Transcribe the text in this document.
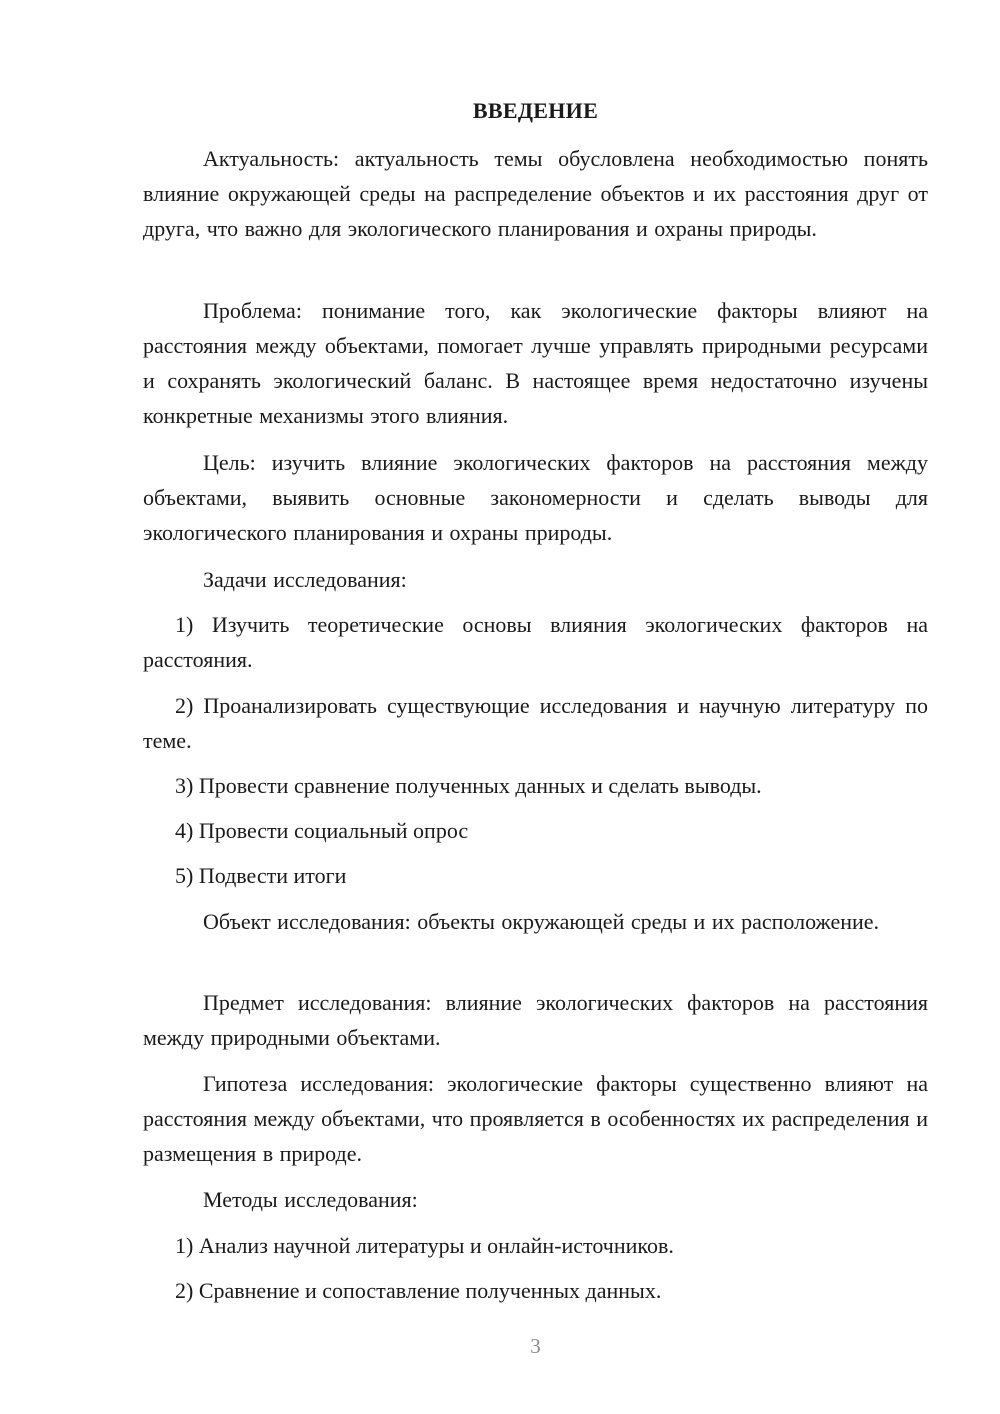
ВВЕДЕНИЕ
Актуальность: актуальность темы обусловлена необходимостью понять влияние окружающей среды на распределение объектов и их расстояния друг от друга, что важно для экологического планирования и охраны природы.
Проблема: понимание того, как экологические факторы влияют на расстояния между объектами, помогает лучше управлять природными ресурсами и сохранять экологический баланс. В настоящее время недостаточно изучены конкретные механизмы этого влияния.
Цель: изучить влияние экологических факторов на расстояния между объектами, выявить основные закономерности и сделать выводы для экологического планирования и охраны природы.
Задачи исследования:
1) Изучить теоретические основы влияния экологических факторов на расстояния.
2) Проанализировать существующие исследования и научную литературу по теме.
3) Провести сравнение полученных данных и сделать выводы.
4) Провести социальный опрос
5) Подвести итоги
Объект исследования: объекты окружающей среды и их расположение.
Предмет исследования: влияние экологических факторов на расстояния между природными объектами.
Гипотеза исследования: экологические факторы существенно влияют на расстояния между объектами, что проявляется в особенностях их распределения и размещения в природе.
Методы исследования:
1) Анализ научной литературы и онлайн-источников.
2) Сравнение и сопоставление полученных данных.
3
